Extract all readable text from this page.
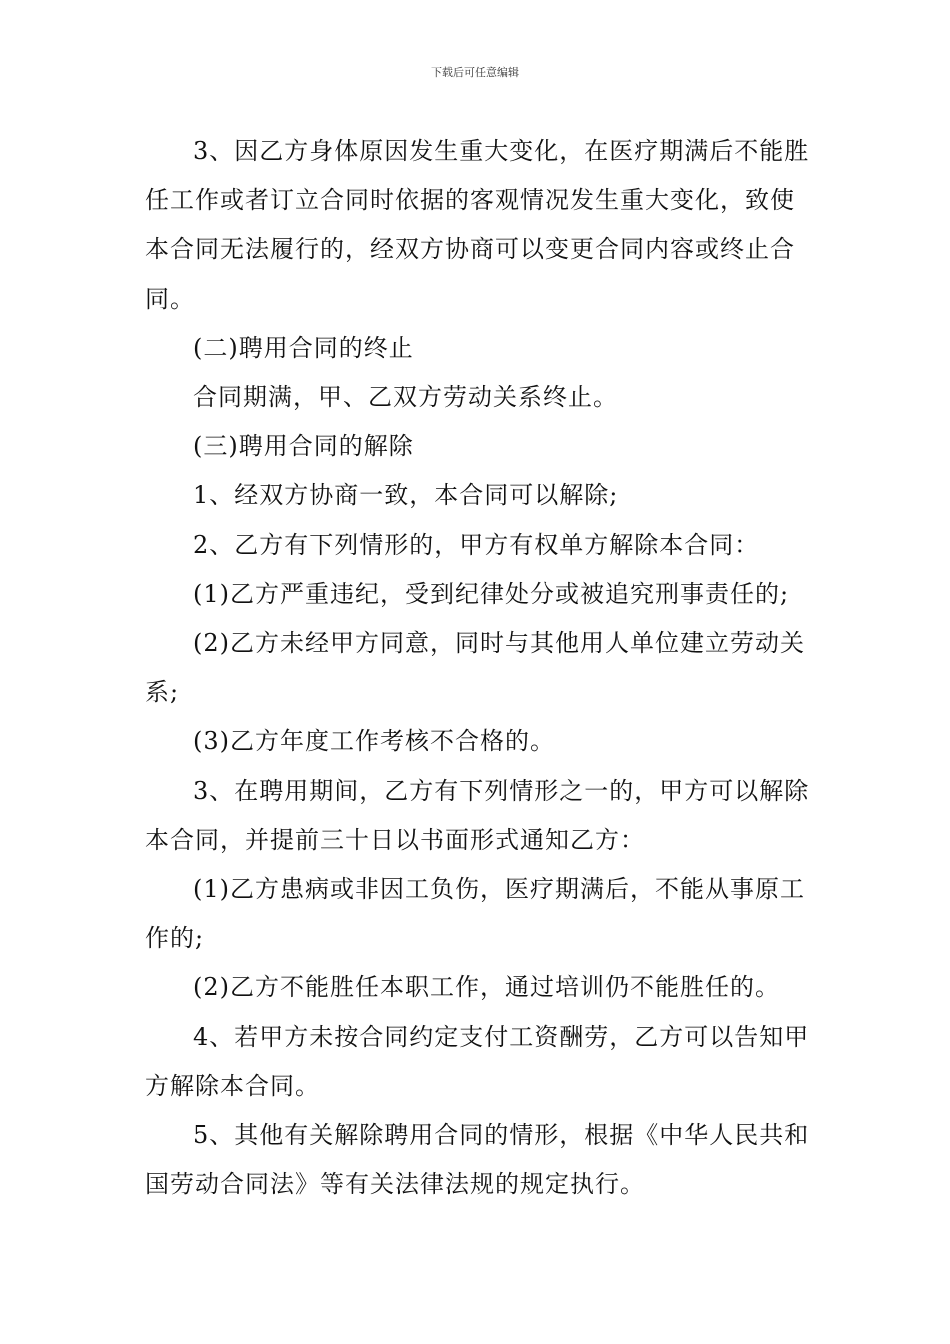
下载后可任意编辑

3、因乙方身体原因发生重大变化，在医疗期满后不能胜任工作或者订立合同时依据的客观情况发生重大变化，致使本合同无法履行的，经双方协商可以变更合同内容或终止合同。

(二)聘用合同的终止

合同期满，甲、乙双方劳动关系终止。

(三)聘用合同的解除

1、经双方协商一致，本合同可以解除;

2、乙方有下列情形的，甲方有权单方解除本合同：

(1)乙方严重违纪，受到纪律处分或被追究刑事责任的;

(2)乙方未经甲方同意，同时与其他用人单位建立劳动关系;

(3)乙方年度工作考核不合格的。

3、在聘用期间，乙方有下列情形之一的，甲方可以解除本合同，并提前三十日以书面形式通知乙方：

(1)乙方患病或非因工负伤，医疗期满后，不能从事原工作的;

(2)乙方不能胜任本职工作，通过培训仍不能胜任的。

4、若甲方未按合同约定支付工资酬劳，乙方可以告知甲方解除本合同。

5、其他有关解除聘用合同的情形，根据《中华人民共和国劳动合同法》等有关法律法规的规定执行。
